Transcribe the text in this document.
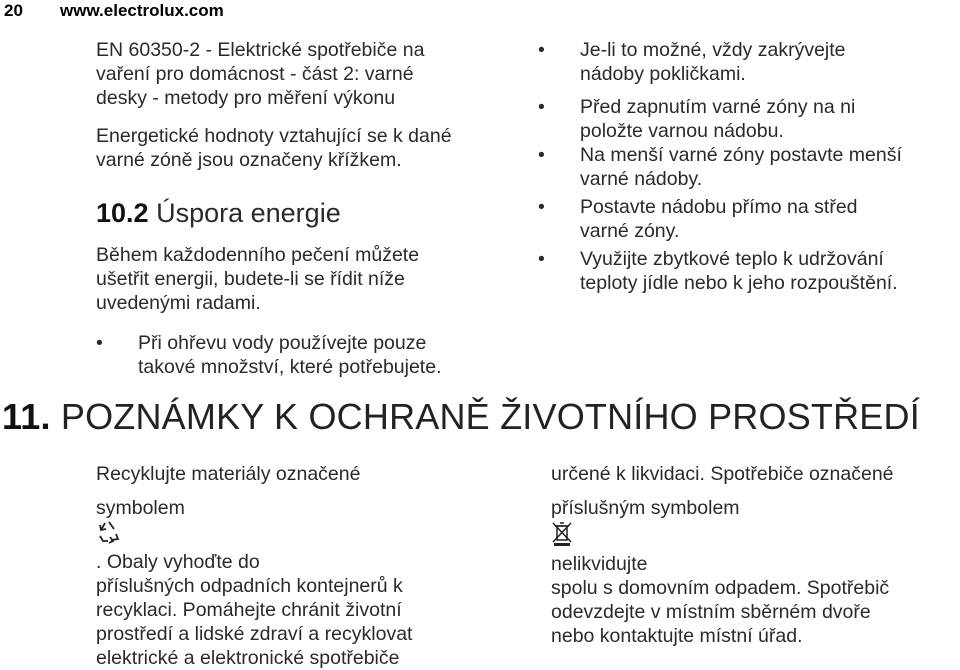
20 www.electrolux.com
EN 60350-2 - Elektrické spotřebiče na
vaření pro domácnost - část 2: varné
desky - metody pro měření výkonu
Energetické hodnoty vztahující se k dané
varné zóně jsou označeny křížkem.
10.2 Úspora energie
Během každodenního pečení můžete
ušetřit energii, budete-li se řídit níže
uvedenými radami.
• Při ohřevu vody používejte pouze
takové množství, které potřebujete.
• Je-li to možné, vždy zakrývejte
nádoby pokličkami.
• Před zapnutím varné zóny na ni
položte varnou nádobu.
• Na menší varné zóny postavte menší
varné nádoby.
• Postavte nádobu přímo na střed
varné zóny.
• Využijte zbytkové teplo k udržování
teploty jídle nebo k jeho rozpouštění.
11. POZNÁMKY K OCHRANĚ ŽIVOTNÍHO PROSTŘEDÍ
Recyklujte materiály označené
symbolem
. Obaly vyhoďte do
příslušných odpadních kontejnerů k
recyklaci. Pomáhejte chránit životní
prostředí a lidské zdraví a recyklovat
elektrické a elektronické spotřebiče
určené k likvidaci. Spotřebiče označené
příslušným symbolem
nelikvidujte
spolu s domovním odpadem. Spotřebič
odevzdejte v místním sběrném dvoře
nebo kontaktujte místní úřad.
